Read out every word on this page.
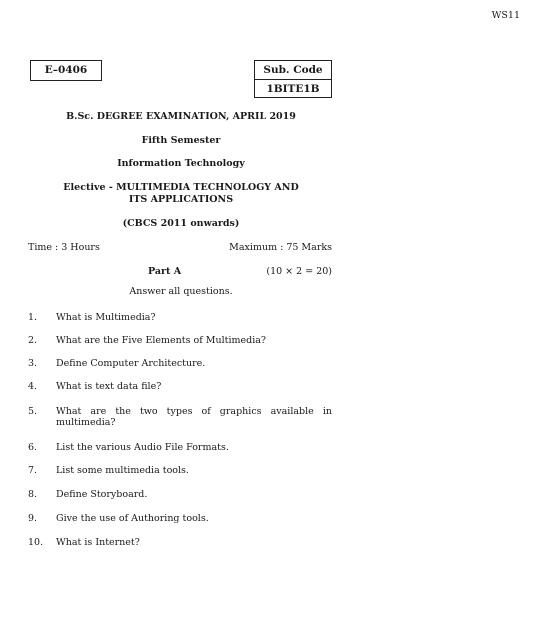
WS11
E–0406	Sub. Code
1BITE1B
B.Sc. DEGREE EXAMINATION, APRIL 2019
Fifth Semester
Information Technology
Elective - MULTIMEDIA TECHNOLOGY AND
ITS APPLICATIONS
(CBCS 2011 onwards)
Time : 3 Hours	Maximum : 75 Marks
Part A	(10 × 2 = 20)
Answer all questions.
1. What is Multimedia?
2. What are the Five Elements of Multimedia?
3. Define Computer Architecture.
4. What is text data file?
5. What are the two types of graphics available in multimedia?
6. List the various Audio File Formats.
7. List some multimedia tools.
8. Define Storyboard.
9. Give the use of Authoring tools.
10. What is Internet?
